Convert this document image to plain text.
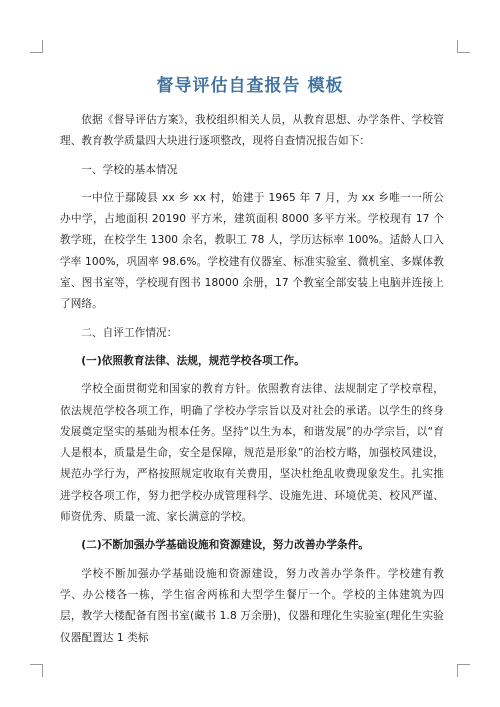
督导评估自查报告 模板

依据《督导评估方案》，我校组织相关人员，从教育思想、办学条件、学校管理、教育教学质量四大块进行逐项整改，现将自查情况报告如下：

一、学校的基本情况

一中位于鄢陵县 xx 乡 xx 村，始建于 1965 年 7 月，为 xx 乡唯一一所公办中学，占地面积 20190 平方米，建筑面积 8000 多平方米。学校现有 17 个教学班，在校学生 1300 余名，教职工 78 人，学历达标率 100%。适龄人口入学率 100%，巩固率 98.6%。学校建有仪器室、标准实验室、微机室、多媒体教室、图书室等，学校现有图书 18000 余册，17 个教室全部安装上电脑并连接上了网络。

二、自评工作情况：

(一)依照教育法律、法规，规范学校各项工作。

学校全面贯彻党和国家的教育方针。依照教育法律、法规制定了学校章程，依法规范学校各项工作，明确了学校办学宗旨以及对社会的承诺。以学生的终身发展奠定坚实的基础为根本任务。坚持“以生为本，和谐发展”的办学宗旨，以“育人是根本，质量是生命，安全是保障，规范是形象”的治校方略，加强校风建设，规范办学行为，严格按照规定收取有关费用，坚决杜绝乱收费现象发生。扎实推进学校各项工作，努力把学校办成管理科学、设施先进、环境优美、校风严谨、师资优秀、质量一流、家长满意的学校。

(二)不断加强办学基础设施和资源建设，努力改善办学条件。

学校不断加强办学基础设施和资源建设，努力改善办学条件。学校建有教学、办公楼各一栋，学生宿舍两栋和大型学生餐厅一个。学校的主体建筑为四层，教学大楼配备有图书室(藏书 1.8 万余册)，仪器和理化生实验室(理化生实验仪器配置达 1 类标
